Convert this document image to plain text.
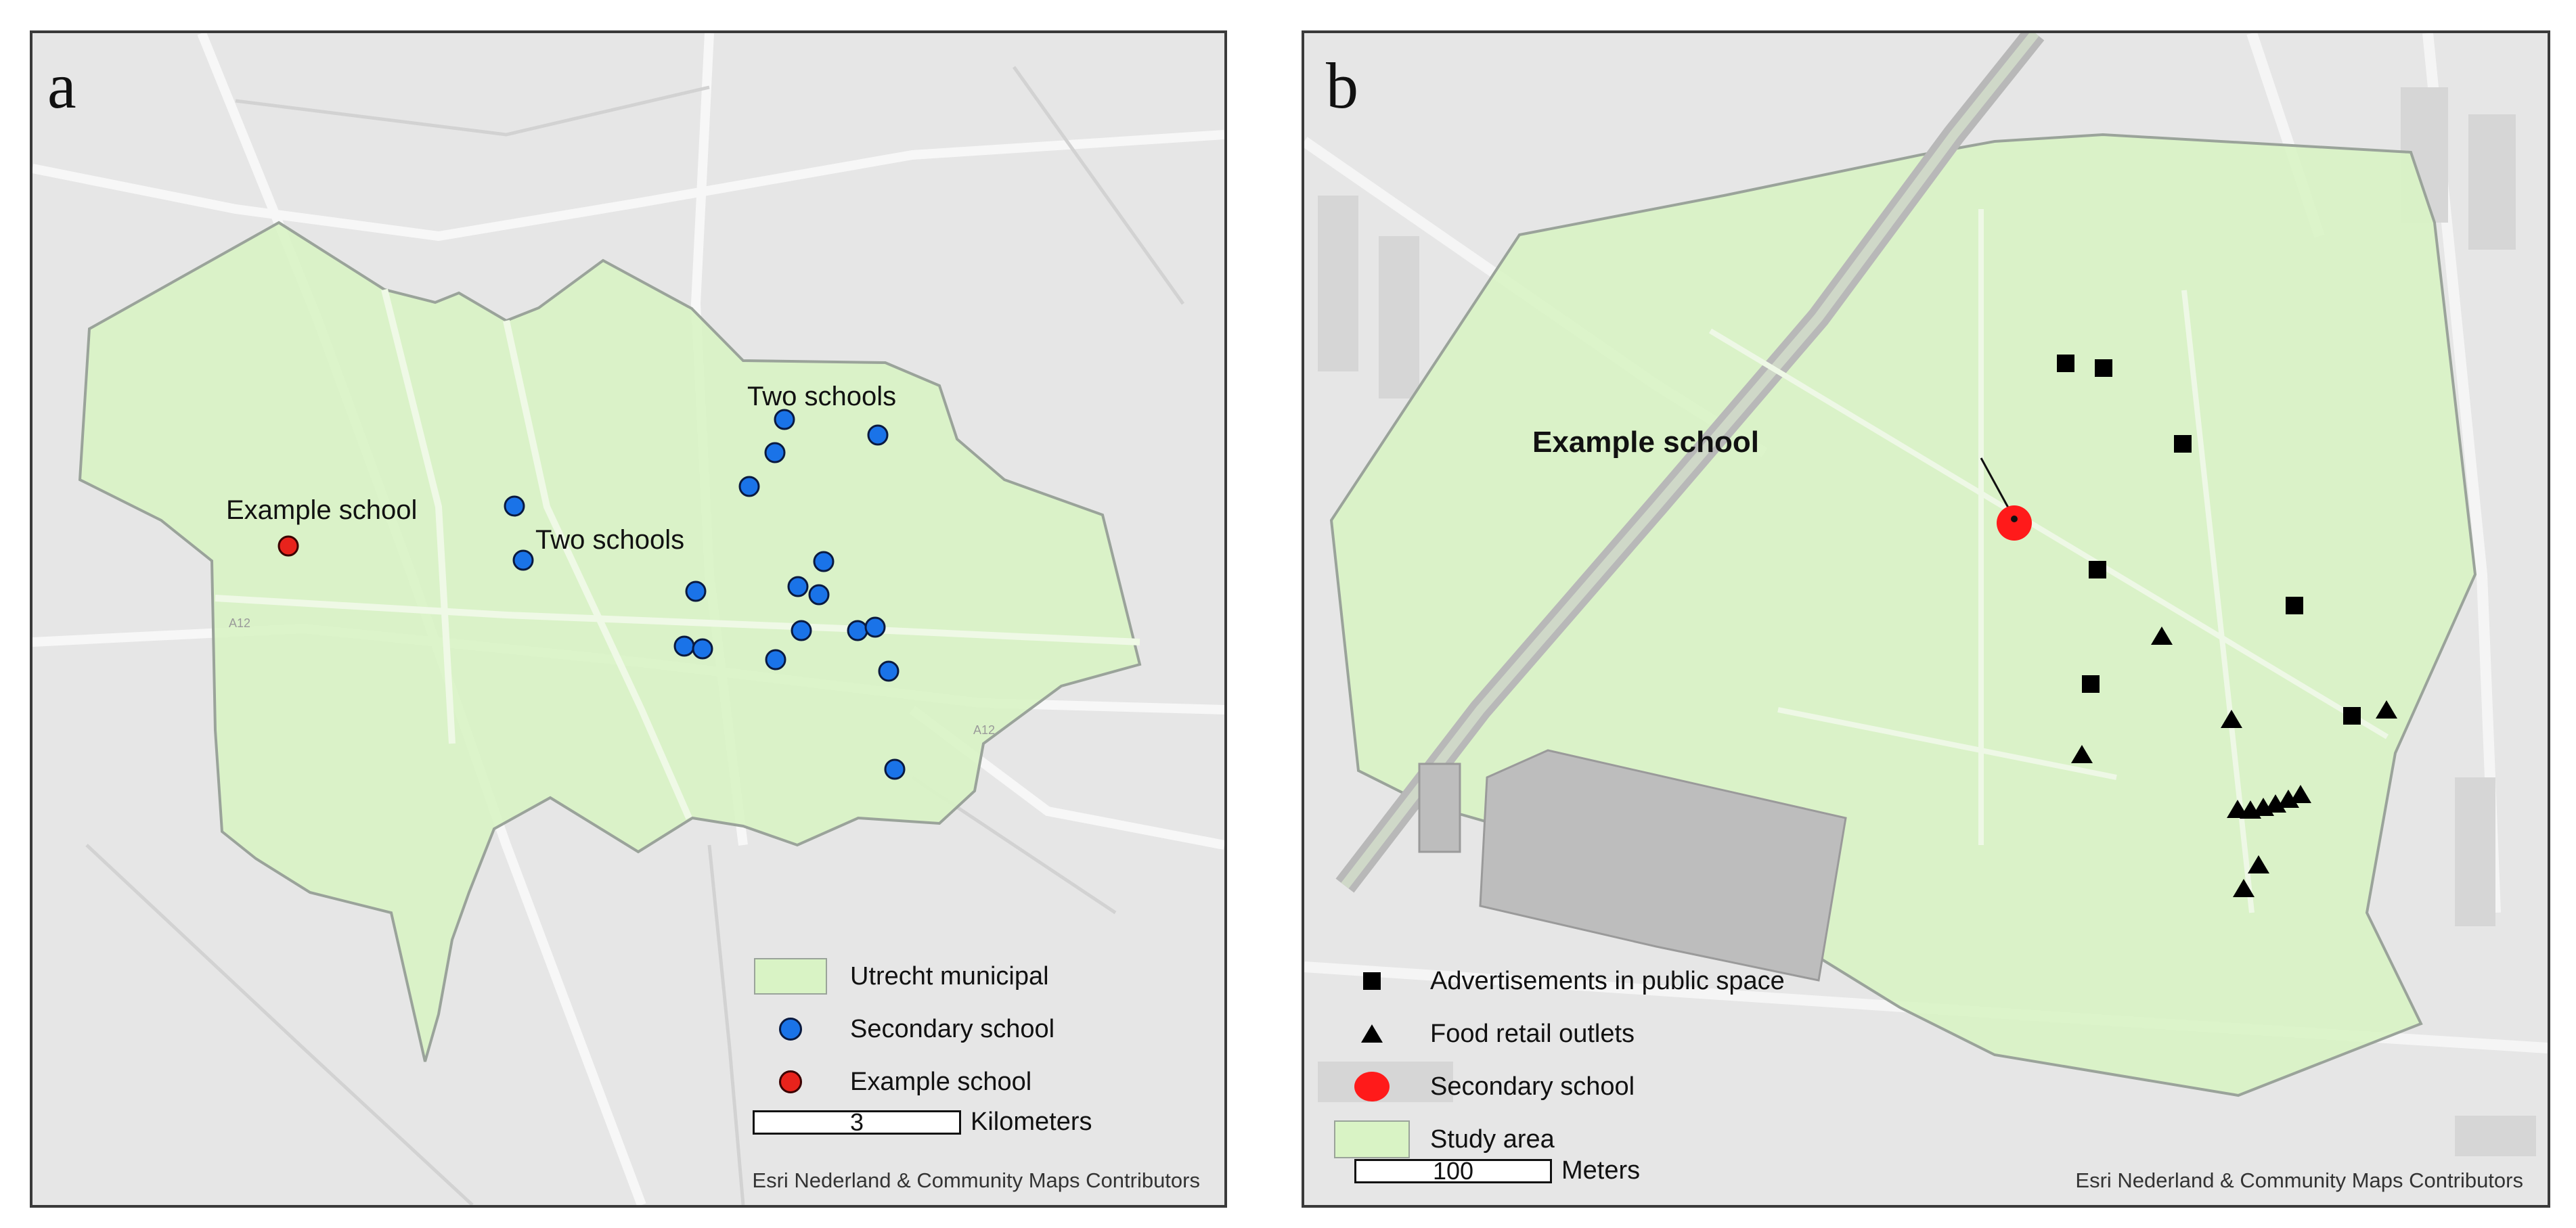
A12
A12
a
Two schools
Two schools
Example school
Utrecht municipal
Secondary school
Example school
3	Kilometers
Esri Nederland & Community Maps Contributors
b
Example school
Advertisements in public space
Food retail outlets
Secondary school
Study area
100	Meters	Esri Nederland & Community Maps Contributors
